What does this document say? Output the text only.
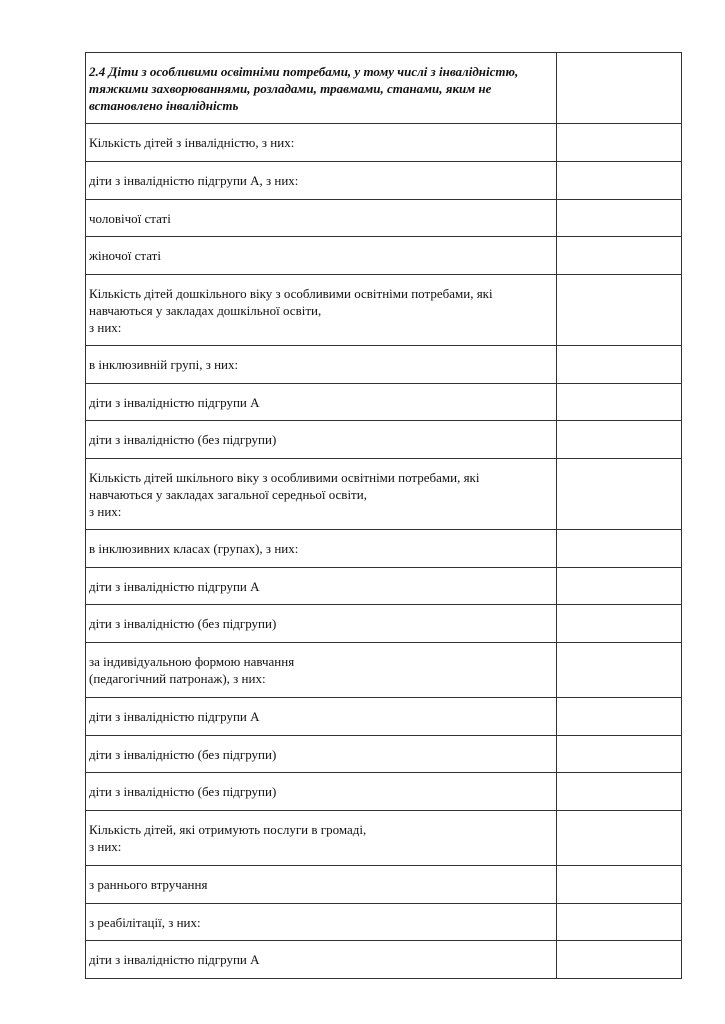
2.4 Діти з особливими освітніми потребами, у тому числі з інвалідністю, тяжкими захворюваннями, розладами, травмами, станами, яким не встановлено інвалідність	
Кількість дітей з інвалідністю, з них:	
діти з інвалідністю підгрупи А, з них:	
чоловічої статі	
жіночої статі	
Кількість дітей дошкільного віку з особливими освітніми потребами, які
навчаються у закладах дошкільної освіти,
з них:	
в інклюзивній групі, з них:	
діти з інвалідністю підгрупи А	
діти з інвалідністю (без підгрупи)	
Кількість дітей шкільного віку з особливими освітніми потребами, які
навчаються у закладах загальної середньої освіти,
з них:	
в інклюзивних класах (групах), з них:	
діти з інвалідністю підгрупи А	
діти з інвалідністю (без підгрупи)	
за індивідуальною формою навчання
(педагогічний патронаж), з них:	
діти з інвалідністю підгрупи А	
діти з інвалідністю (без підгрупи)	
діти з інвалідністю (без підгрупи)	
Кількість дітей, які отримують послуги в громаді,
з них:	
з раннього втручання	
з реабілітації, з них:	
діти з інвалідністю підгрупи А	
